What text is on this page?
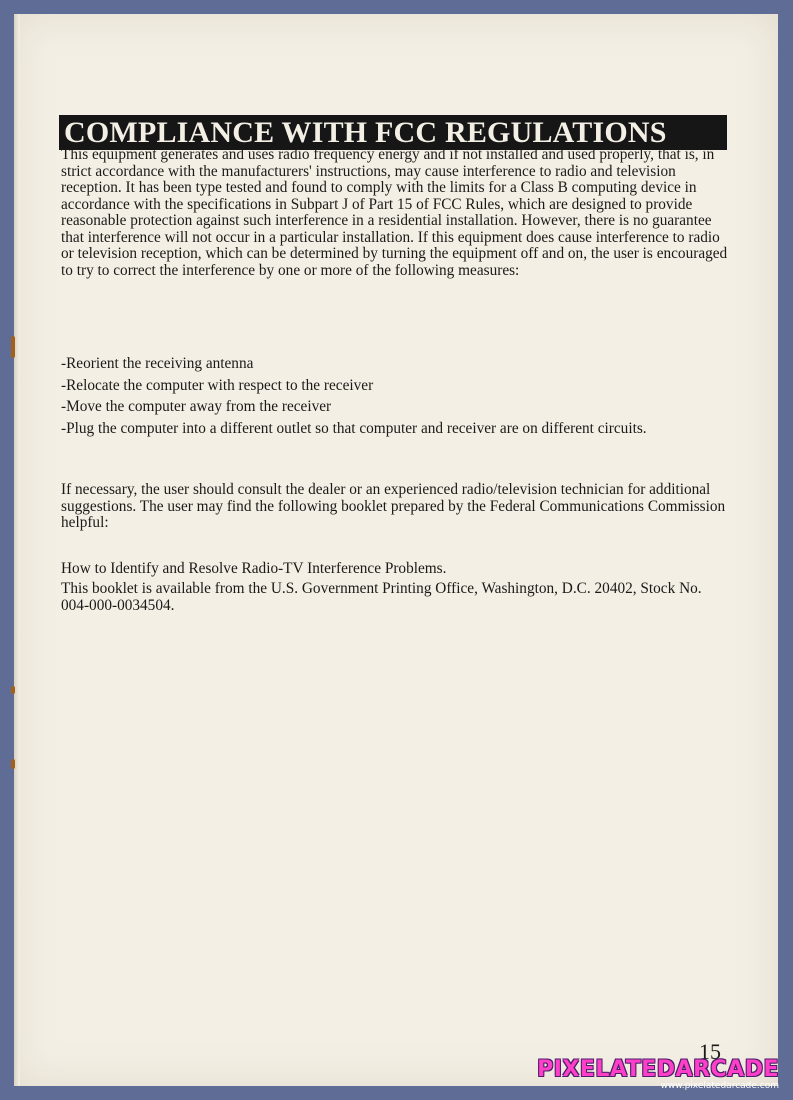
COMPLIANCE WITH FCC REGULATIONS

This equipment generates and uses radio frequency energy and if not installed and used properly, that is, in strict accordance with the manufacturers' instructions, may cause interference to radio and television reception. It has been type tested and found to comply with the limits for a Class B computing device in accordance with the specifications in Subpart J of Part 15 of FCC Rules, which are designed to provide reasonable protection against such interference in a residential installation. However, there is no guarantee that interference will not occur in a particular installation. If this equipment does cause interference to radio or television reception, which can be determined by turning the equipment off and on, the user is encouraged to try to correct the interference by one or more of the following measures:

-Reorient the receiving antenna
-Relocate the computer with respect to the receiver
-Move the computer away from the receiver
-Plug the computer into a different outlet so that computer and receiver are on different circuits.

If necessary, the user should consult the dealer or an experienced radio/television technician for additional suggestions. The user may find the following booklet prepared by the Federal Communications Commission helpful:

How to Identify and Resolve Radio-TV Interference Problems.

This booklet is available from the U.S. Government Printing Office, Washington, D.C. 20402, Stock No. 004-000-0034504.

15
PIXELATEDARCADE
www.pixelatedarcade.com
